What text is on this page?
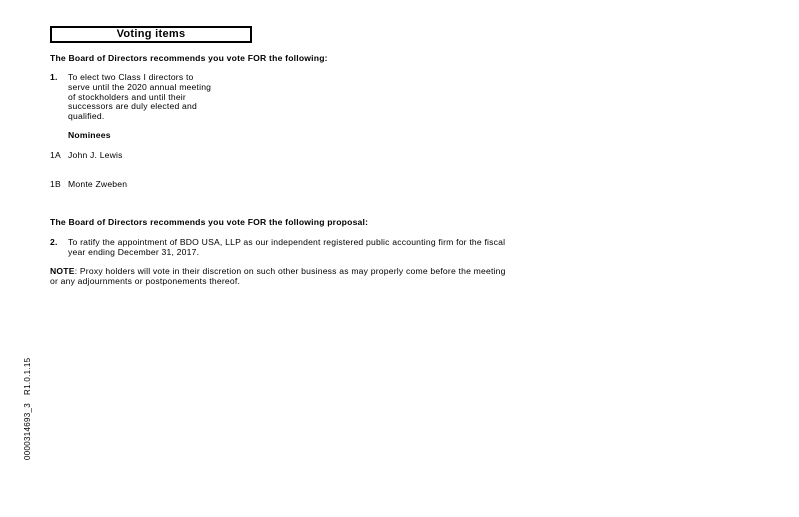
Voting items
The Board of Directors recommends you vote FOR the following:
1. To elect two Class I directors to
serve until the 2020 annual meeting
of stockholders and until their
successors are duly elected and
qualified.
Nominees
1A John J. Lewis
1B Monte Zweben
The Board of Directors recommends you vote FOR the following proposal:
2. To ratify the appointment of BDO USA, LLP as our independent registered public accounting firm for the fiscal
year ending December 31, 2017.
NOTE: Proxy holders will vote in their discretion on such other business as may properly come before the meeting
or any adjournments or postponements thereof.
0000314693_3R1.0.1.15
